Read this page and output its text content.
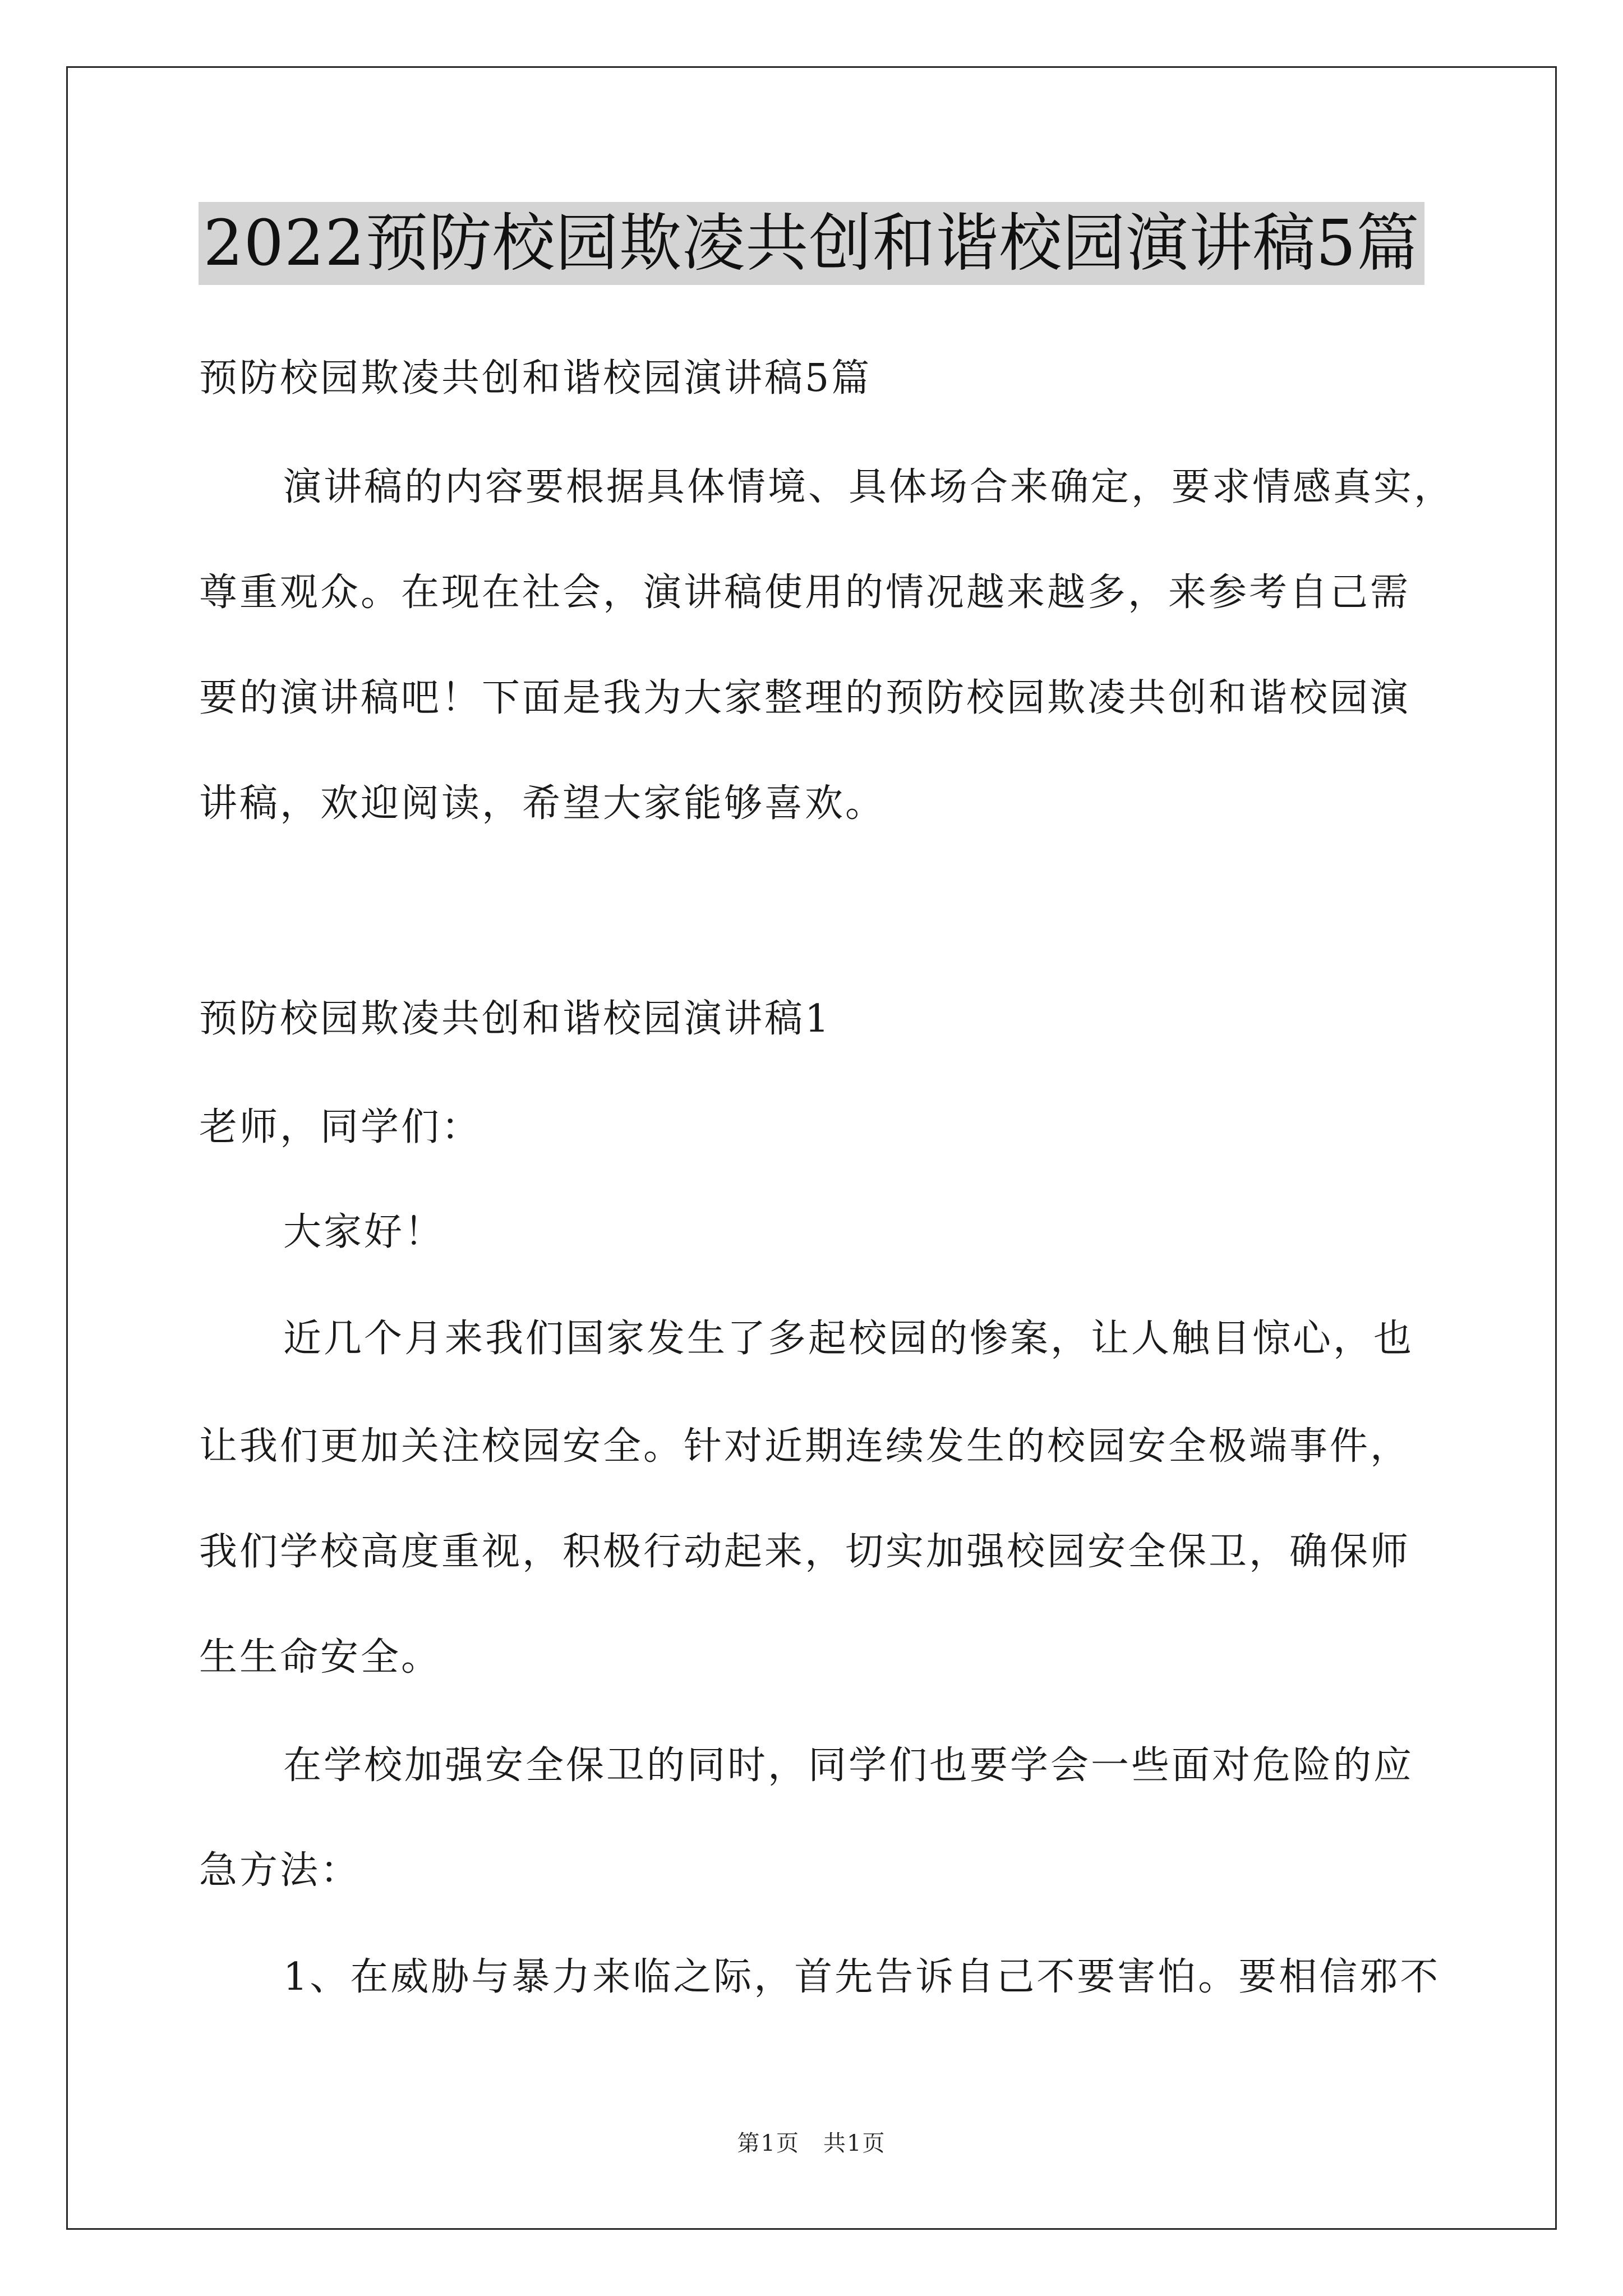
2022预防校园欺凌共创和谐校园演讲稿5篇
预防校园欺凌共创和谐校园演讲稿5篇
演讲稿的内容要根据具体情境、具体场合来确定，要求情感真实，
尊重观众。在现在社会，演讲稿使用的情况越来越多，来参考自己需
要的演讲稿吧！下面是我为大家整理的预防校园欺凌共创和谐校园演
讲稿，欢迎阅读，希望大家能够喜欢。
预防校园欺凌共创和谐校园演讲稿1
老师，同学们：
大家好！
近几个月来我们国家发生了多起校园的惨案，让人触目惊心，也
让我们更加关注校园安全。针对近期连续发生的校园安全极端事件，
我们学校高度重视，积极行动起来，切实加强校园安全保卫，确保师
生生命安全。
在学校加强安全保卫的同时，同学们也要学会一些面对危险的应
急方法：
1、在威胁与暴力来临之际，首先告诉自己不要害怕。要相信邪不
第1页　共1页
